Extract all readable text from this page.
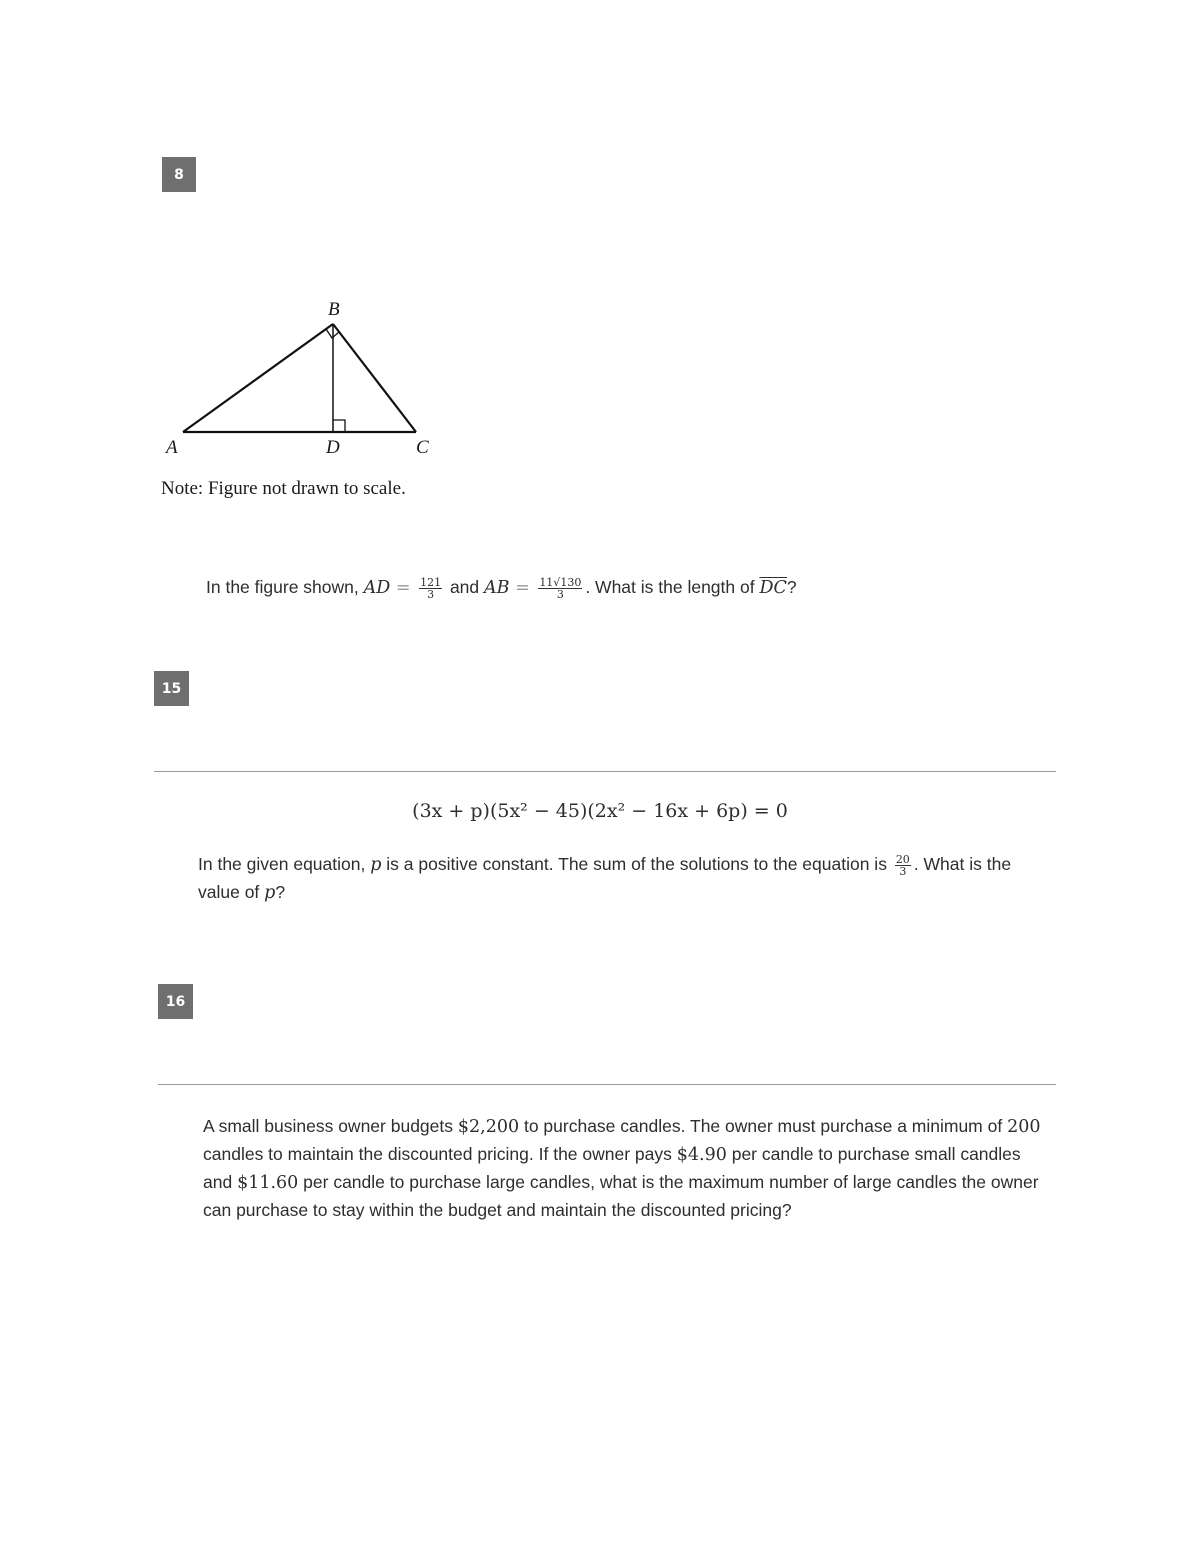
8
B
A	D	C
Note: Figure not drawn to scale.
In the figure shown, AD = $\frac{121}{3}$ and AB = $\frac{11√130}{3}$ . What is the length of $\overline{DC}$?
15
(3x + p)(5x² − 45)(2x² − 16x + 6p) = 0
In the given equation, p is a positive constant. The sum of the solutions to the equation is $\frac{20}{3}$ . What is the value of p?
16
A small business owner budgets $2,200 to purchase candles. The owner must purchase a minimum of 200 candles to maintain the discounted pricing. If the owner pays $4.90 per candle to purchase small candles and $11.60 per candle to purchase large candles, what is the maximum number of large candles the owner can purchase to stay within the budget and maintain the discounted pricing?
